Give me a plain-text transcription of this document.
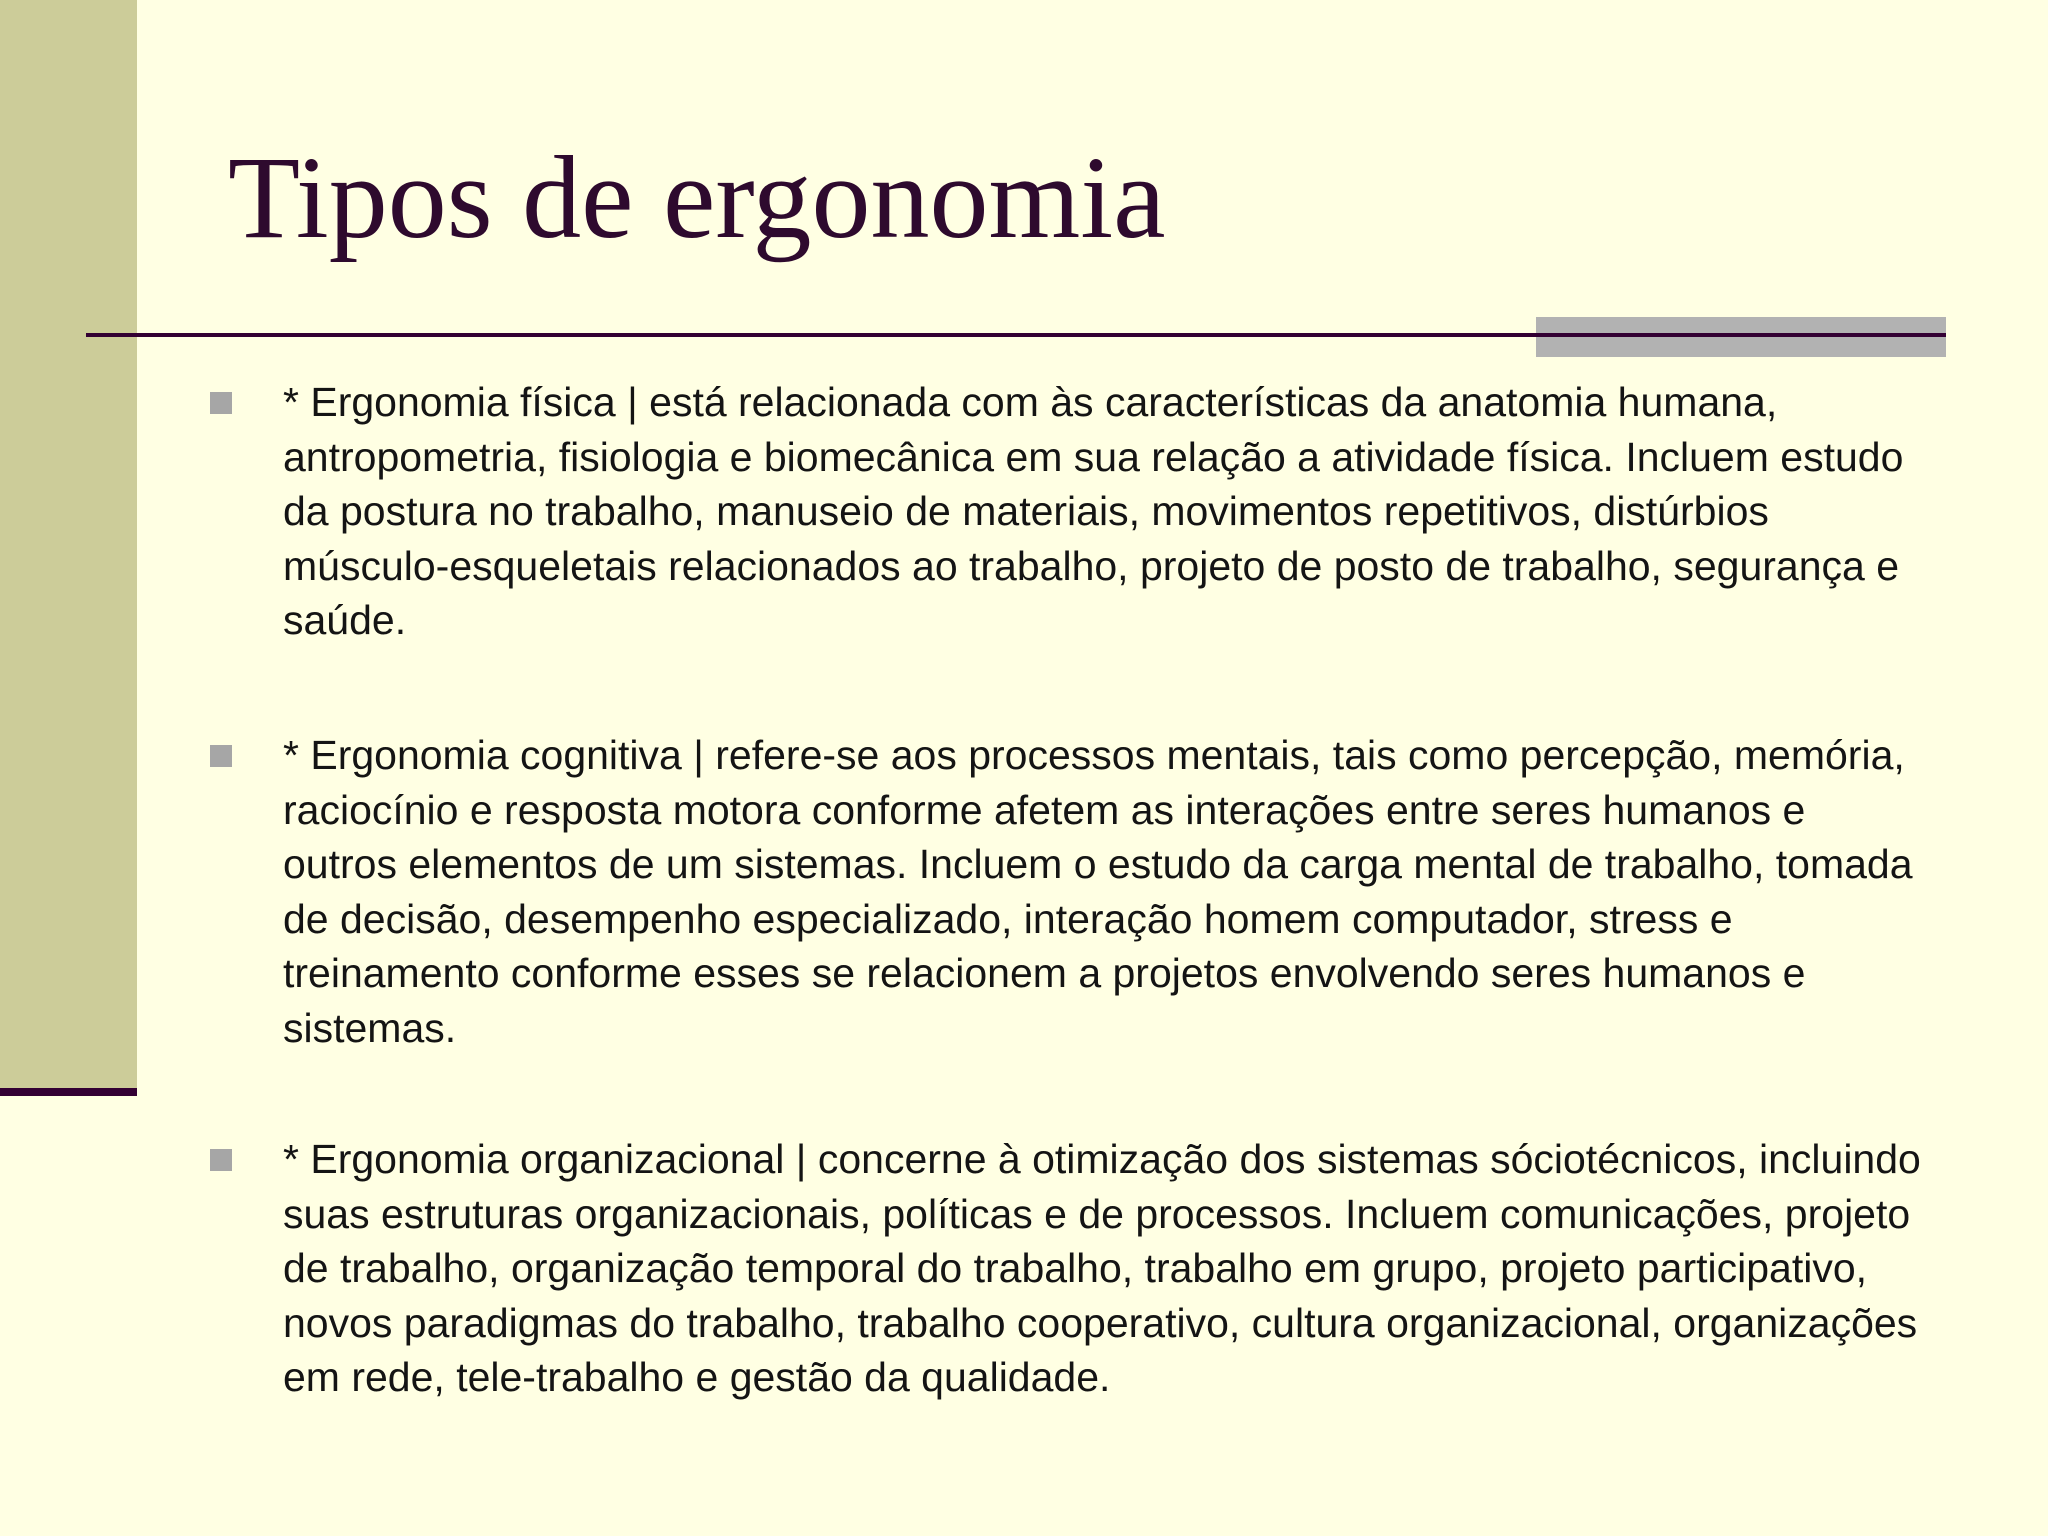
Tipos de ergonomia
* Ergonomia física | está relacionada com às características da anatomia humana, antropometria, fisiologia e biomecânica em sua relação a atividade física. Incluem estudo da postura no trabalho, manuseio de materiais, movimentos repetitivos, distúrbios músculo-esqueletais relacionados ao trabalho, projeto de posto de trabalho, segurança e saúde.
* Ergonomia cognitiva | refere-se aos processos mentais, tais como percepção, memória, raciocínio e resposta motora conforme afetem as interações entre seres humanos e outros elementos de um sistemas. Incluem o estudo da carga mental de trabalho, tomada de decisão, desempenho especializado, interação homem computador, stress e treinamento conforme esses se relacionem a projetos envolvendo seres humanos e sistemas.
* Ergonomia organizacional | concerne à otimização dos sistemas sóciotécnicos, incluindo suas estruturas organizacionais, políticas e de processos. Incluem comunicações, projeto de trabalho, organização temporal do trabalho, trabalho em grupo, projeto participativo, novos paradigmas do trabalho, trabalho cooperativo, cultura organizacional, organizações em rede, tele-trabalho e gestão da qualidade.
